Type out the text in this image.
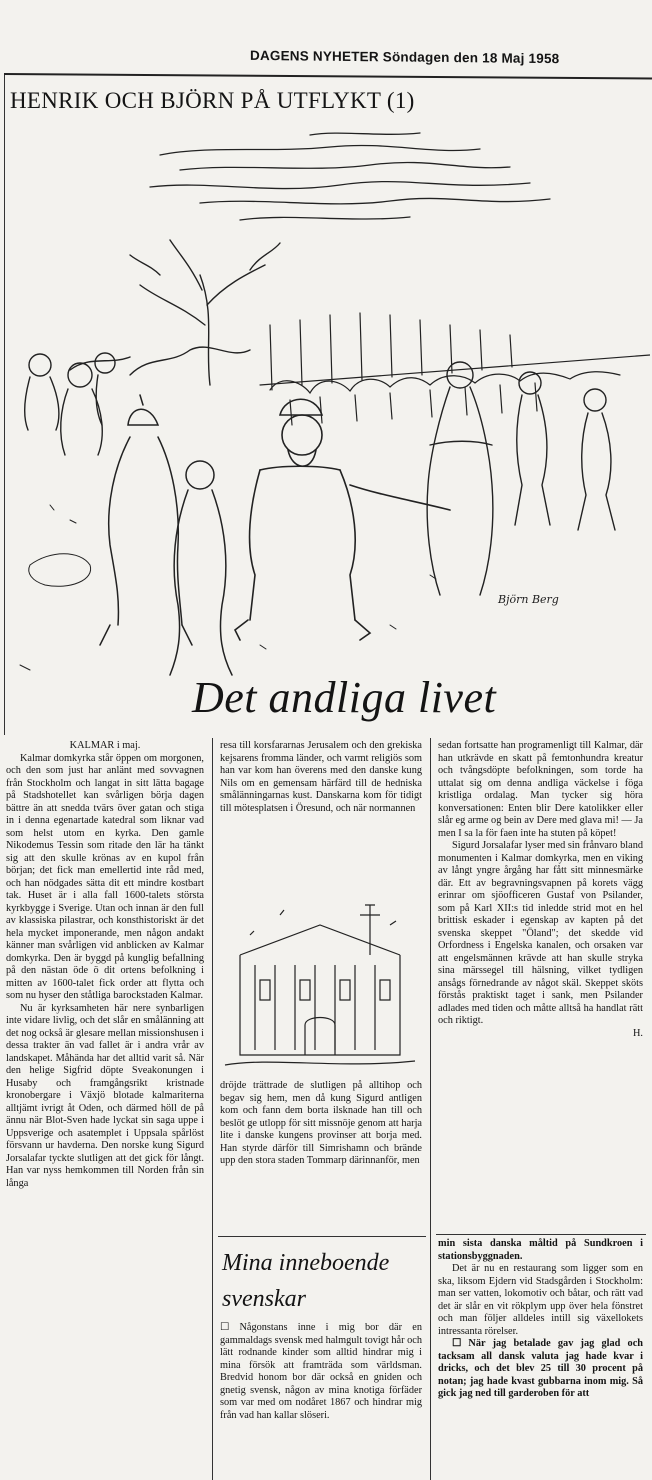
DAGENS NYHETER Söndagen den 18 Maj 1958
HENRIK OCH BJÖRN PÅ UTFLYKT (1)
Björn Berg
Det andliga livet

KALMAR i maj.

Kalmar domkyrka står öppen om morgonen, och den som just har anlänt med sovvagnen från Stockholm och langat in sitt lätta bagage på Stadshotellet kan svårligen börja dagen bättre än att snedda tvärs över gatan och stiga in i denna egenartade katedral som liknar vad som helst utom en kyrka. Den gamle Nikodemus Tessin som ritade den lär ha tänkt sig att den skulle krönas av en kupol från början; det fick man emellertid inte råd med, och han nödgades sätta dit ett mindre kostbart tak. Huset är i alla fall 1600-talets största kyrkbygge i Sverige. Utan och innan är den full av klassiska pilastrar, och konsthistoriskt är det hela mycket imponerande, men någon andakt känner man svårligen vid anblicken av Kalmar domkyrka. Den är byggd på kunglig befallning på den nästan öde ö dit ortens befolkning i mitten av 1600-talet fick order att flytta och som nu hyser den ståtliga barockstaden Kalmar.

Nu är kyrksamheten här nere synbarligen inte vidare livlig, och det slår en smålänning att det nog också är glesare mellan missionshusen i dessa trakter än vad fallet är i andra vrår av landskapet. Måhända har det alltid varit så. När den helige Sigfrid döpte Sveakonungen i Husaby och framgångsrikt kristnade kronobergare i Växjö blotade kalmariterna alltjämt ivrigt åt Oden, och därmed höll de på ännu när Blot-Sven hade lyckat sin saga uppe i Uppsverige och asatemplet i Uppsala spårlöst försvann ur havderna. Den norske kung Sigurd Jorsalafar tyckte slutligen att det gick för långt. Han var nyss hemkommen till Norden från sin långa

resa till korsfararnas Jerusalem och den grekiska kejsarens fromma länder, och varmt religiös som han var kom han överens med den danske kung Nils om en gemensam härfärd till de hedniska smålänningarnas kust. Danskarna kom för tidigt till mötesplatsen i Öresund, och när normannen

dröjde trättrade de slutligen på alltihop och begav sig hem, men då kung Sigurd antligen kom och fann dem borta ilsknade han till och beslöt ge utlopp för sitt missnöje genom att harja lite i danske kungens provinser att borja med. Han styrde därför till Simrishamn och brände upp den stora staden Tommarp därinnanför, men

Mina inneboende svenskar

☐ Någonstans inne i mig bor där en gammaldags svensk med halmgult tovigt hår och lätt rodnande kinder som alltid hindrar mig i mina försök att framträda som världsman. Bredvid honom bor där också en gniden och gnetig svensk, någon av mina knotiga förfäder som var med om nodåret 1867 och hindrar mig från vad han kallar slöseri.

sedan fortsatte han programenligt till Kalmar, där han utkrävde en skatt på femtonhundra kreatur och tvångsdöpte befolkningen, som torde ha uttalat sig om denna andliga väckelse i föga kristliga ordalag. Man tycker sig höra konversationen: Enten blir Dere katolikker eller slår eg arme og bein av Dere med glava mi! — Ja men I sa la för faen inte ha stuten på köpet!

Sigurd Jorsalafar lyser med sin frånvaro bland monumenten i Kalmar domkyrka, men en viking av långt yngre årgång har fått sitt minnesmärke där. Ett av begravningsvapnen på korets vägg erinrar om sjöofficeren Gustaf von Psilander, som på Karl XII:s tid inledde strid mot en hel brittisk eskader i egenskap av kapten på det svenska skeppet "Öland"; det skedde vid Orfordness i Engelska kanalen, och orsaken var att engelsmännen krävde att han skulle stryka sina märssegel till hälsning, vilket tydligen ansågs förnedrande av något skäl. Skeppet sköts förstås praktiskt taget i sank, men Psilander adlades med tiden och måtte alltså ha handlat rätt och riktigt.

H.

min sista danska måltid på Sundkroen i stationsbyggnaden.

Det är nu en restaurang som ligger som en ska, liksom Ejdern vid Stadsgården i Stockholm: man ser vatten, lokomotiv och båtar, och rätt vad det är slår en vit rökplym upp över hela fönstret och man följer alldeles intill sig växellokets intressanta rörelser.

☐ När jag betalade gav jag glad och tacksam all dansk valuta jag hade kvar i dricks, och det blev 25 till 30 procent på notan; jag hade kvast gubbarna inom mig. Så gick jag ned till garderoben för att
